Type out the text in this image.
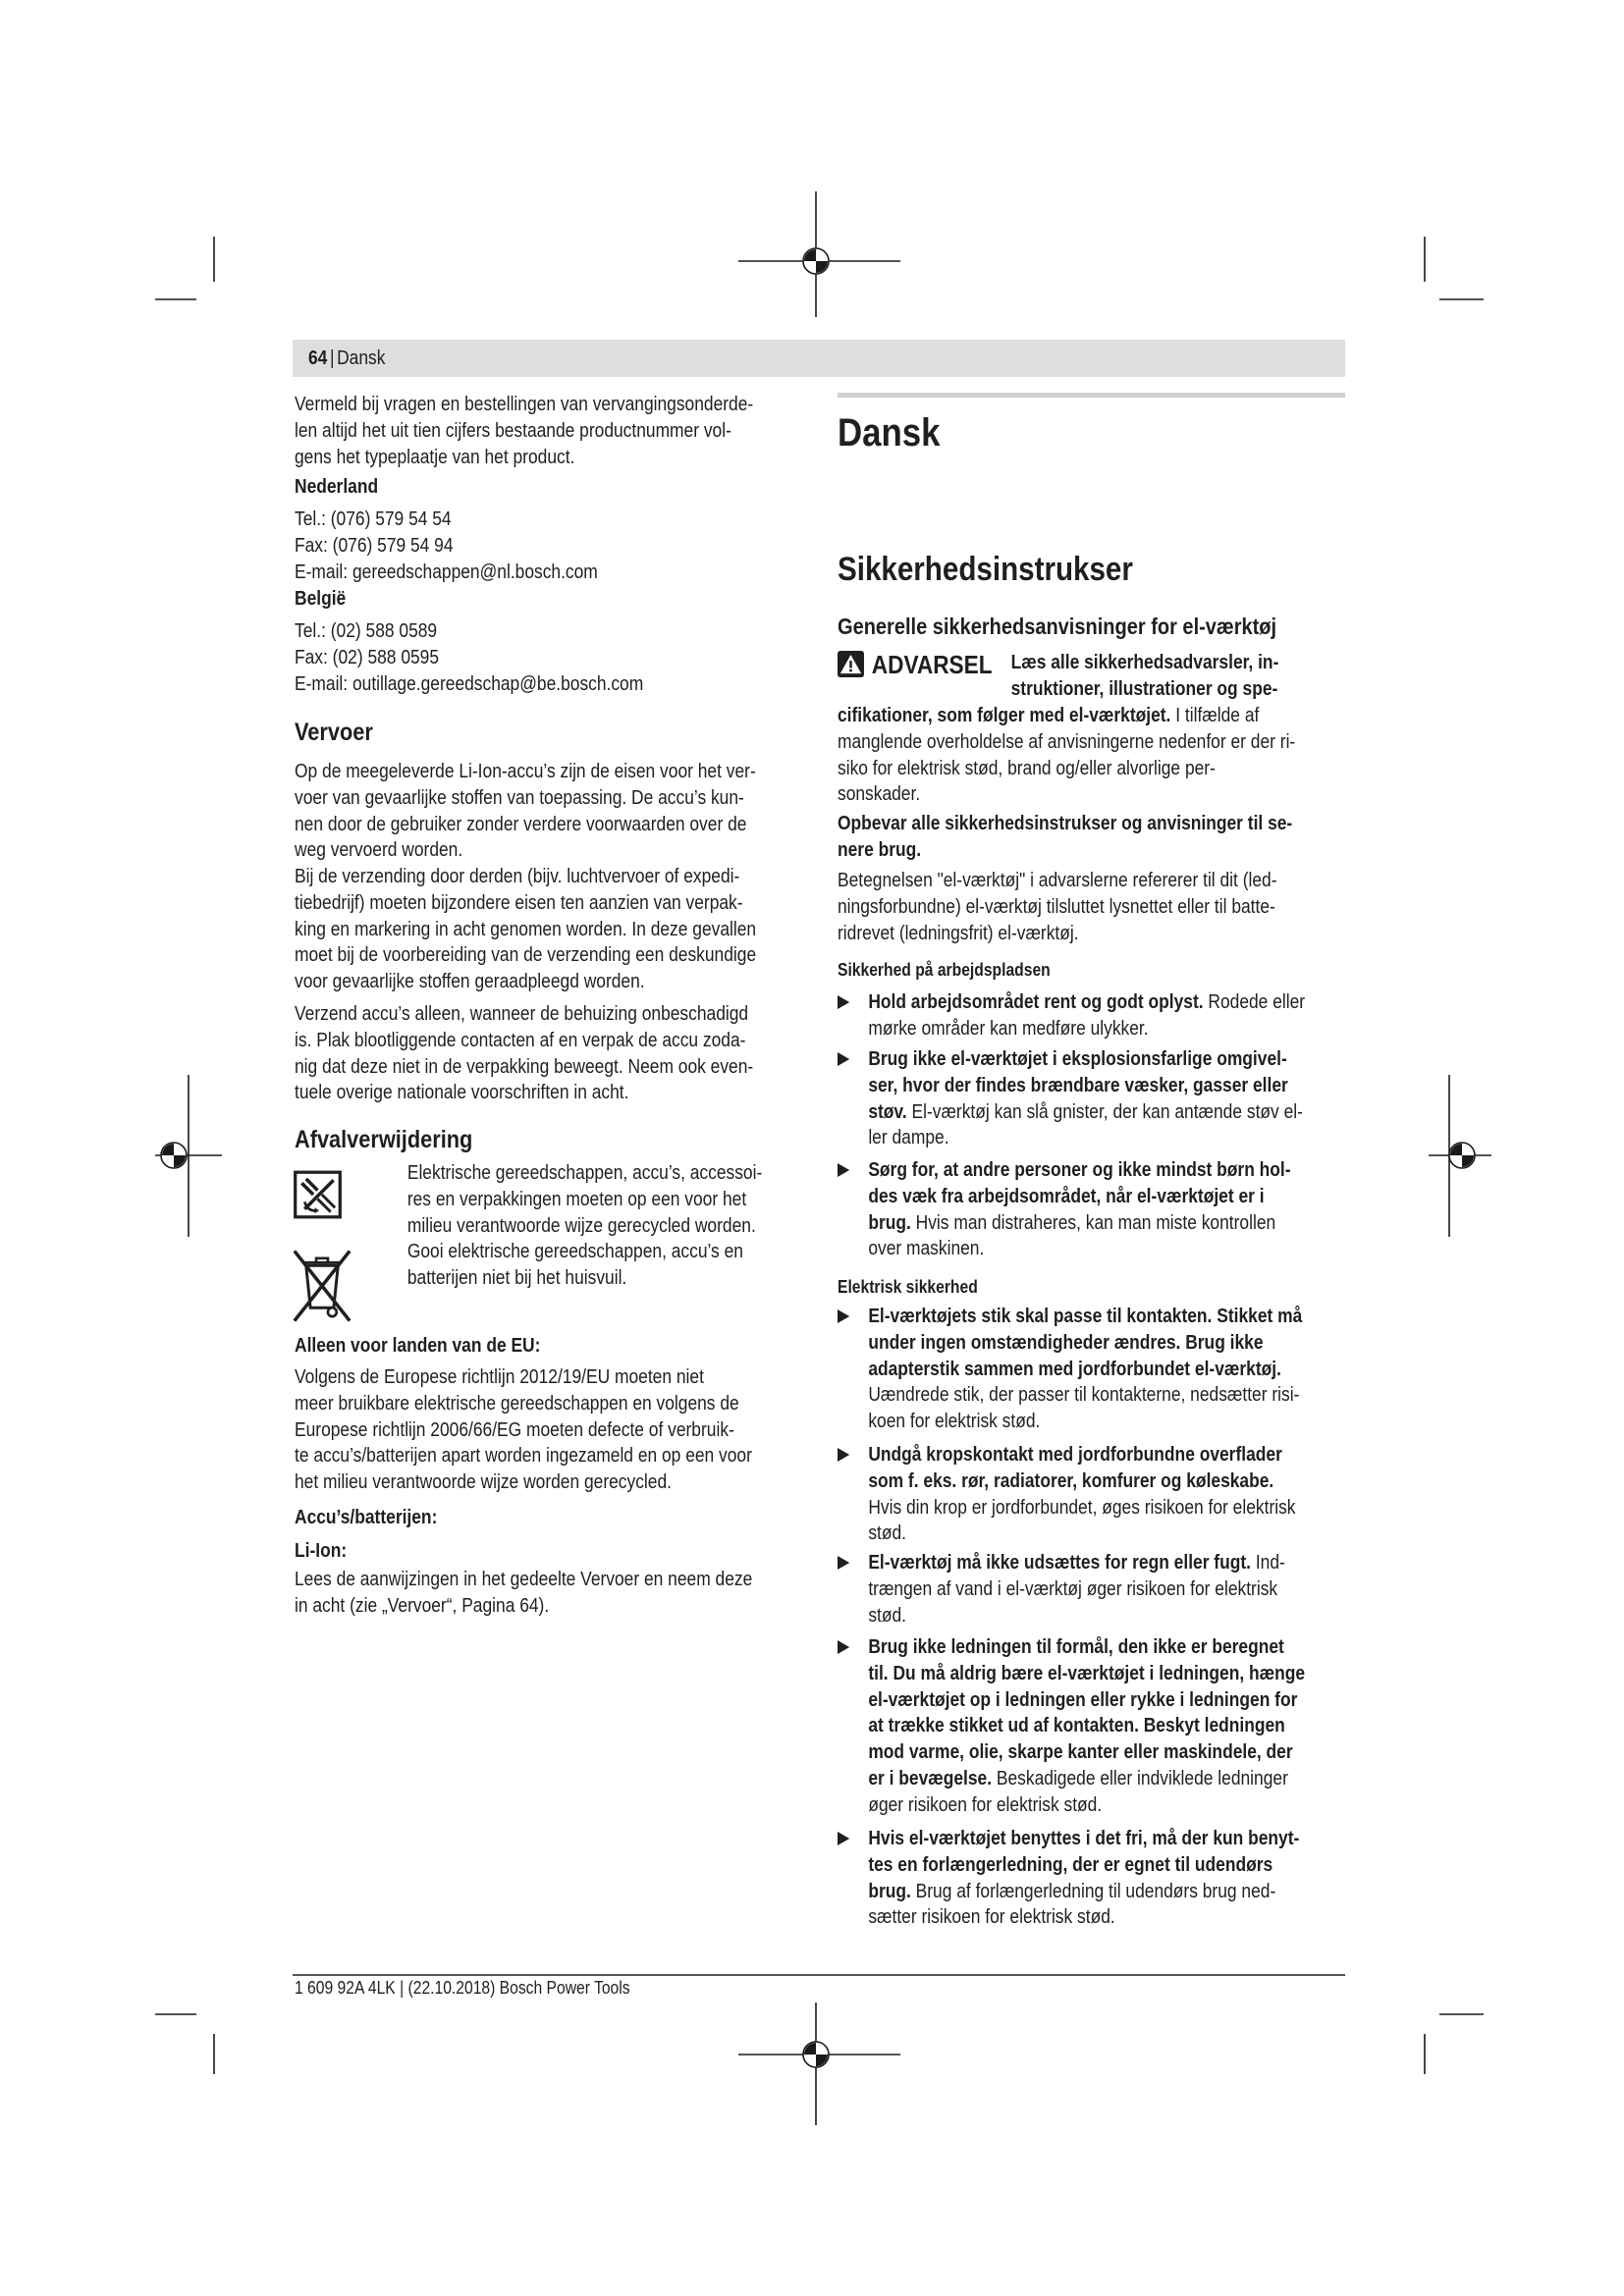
64 | Dansk
Vermeld bij vragen en bestellingen van vervangingsonderde-
len altijd het uit tien cijfers bestaande productnummer vol-
gens het typeplaatje van het product.
Nederland
Tel.: (076) 579 54 54
Fax: (076) 579 54 94
E-mail: gereedschappen@nl.bosch.com
België
Tel.: (02) 588 0589
Fax: (02) 588 0595
E-mail: outillage.gereedschap@be.bosch.com
Vervoer
Op de meegeleverde Li-Ion-accu’s zijn de eisen voor het ver-
voer van gevaarlijke stoffen van toepassing. De accu’s kun-
nen door de gebruiker zonder verdere voorwaarden over de
weg vervoerd worden.
Bij de verzending door derden (bijv. luchtvervoer of expedi-
tiebedrijf) moeten bijzondere eisen ten aanzien van verpak-
king en markering in acht genomen worden. In deze gevallen
moet bij de voorbereiding van de verzending een deskundige
voor gevaarlijke stoffen geraadpleegd worden.
Verzend accu’s alleen, wanneer de behuizing onbeschadigd
is. Plak blootliggende contacten af en verpak de accu zoda-
nig dat deze niet in de verpakking beweegt. Neem ook even-
tuele overige nationale voorschriften in acht.
Afvalverwijdering
Elektrische gereedschappen, accu’s, accessoi-
res en verpakkingen moeten op een voor het
milieu verantwoorde wijze gerecycled worden.
Gooi elektrische gereedschappen, accu’s en
batterijen niet bij het huisvuil.
Alleen voor landen van de EU:
Volgens de Europese richtlijn 2012/19/EU moeten niet
meer bruikbare elektrische gereedschappen en volgens de
Europese richtlijn 2006/66/EG moeten defecte of verbruik-
te accu’s/batterijen apart worden ingezameld en op een voor
het milieu verantwoorde wijze worden gerecycled.
Accu’s/batterijen:
Li-Ion:
Lees de aanwijzingen in het gedeelte Vervoer en neem deze
in acht (zie „Vervoer“, Pagina 64).
Dansk
Sikkerhedsinstrukser
Generelle sikkerhedsanvisninger for el-værktøj
ADVARSEL Læs alle sikkerhedsadvarsler, in-
struktioner, illustrationer og spe-
cifikationer, som følger med el-værktøjet. I tilfælde af
manglende overholdelse af anvisningerne nedenfor er der ri-
siko for elektrisk stød, brand og/eller alvorlige per-
sonskader.
Opbevar alle sikkerhedsinstrukser og anvisninger til se-
nere brug.
Betegnelsen "el-værktøj" i advarslerne refererer til dit (led-
ningsforbundne) el-værktøj tilsluttet lysnettet eller til batte-
ridrevet (ledningsfrit) el-værktøj.
Sikkerhed på arbejdspladsen
Hold arbejdsområdet rent og godt oplyst. Rodede eller
mørke områder kan medføre ulykker.
Brug ikke el-værktøjet i eksplosionsfarlige omgivel-
ser, hvor der findes brændbare væsker, gasser eller
støv. El-værktøj kan slå gnister, der kan antænde støv el-
ler dampe.
Sørg for, at andre personer og ikke mindst børn hol-
des væk fra arbejdsområdet, når el-værktøjet er i
brug. Hvis man distraheres, kan man miste kontrollen
over maskinen.
Elektrisk sikkerhed
El-værktøjets stik skal passe til kontakten. Stikket må
under ingen omstændigheder ændres. Brug ikke
adapterstik sammen med jordforbundet el-værktøj.
Uændrede stik, der passer til kontakterne, nedsætter risi-
koen for elektrisk stød.
Undgå kropskontakt med jordforbundne overflader
som f. eks. rør, radiatorer, komfurer og køleskabe.
Hvis din krop er jordforbundet, øges risikoen for elektrisk
stød.
El-værktøj må ikke udsættes for regn eller fugt. Ind-
trængen af vand i el-værktøj øger risikoen for elektrisk
stød.
Brug ikke ledningen til formål, den ikke er beregnet
til. Du må aldrig bære el-værktøjet i ledningen, hænge
el-værktøjet op i ledningen eller rykke i ledningen for
at trække stikket ud af kontakten. Beskyt ledningen
mod varme, olie, skarpe kanter eller maskindele, der
er i bevægelse. Beskadigede eller indviklede ledninger
øger risikoen for elektrisk stød.
Hvis el-værktøjet benyttes i det fri, må der kun benyt-
tes en forlængerledning, der er egnet til udendørs
brug. Brug af forlængerledning til udendørs brug ned-
sætter risikoen for elektrisk stød.
1 609 92A 4LK | (22.10.2018) Bosch Power Tools
